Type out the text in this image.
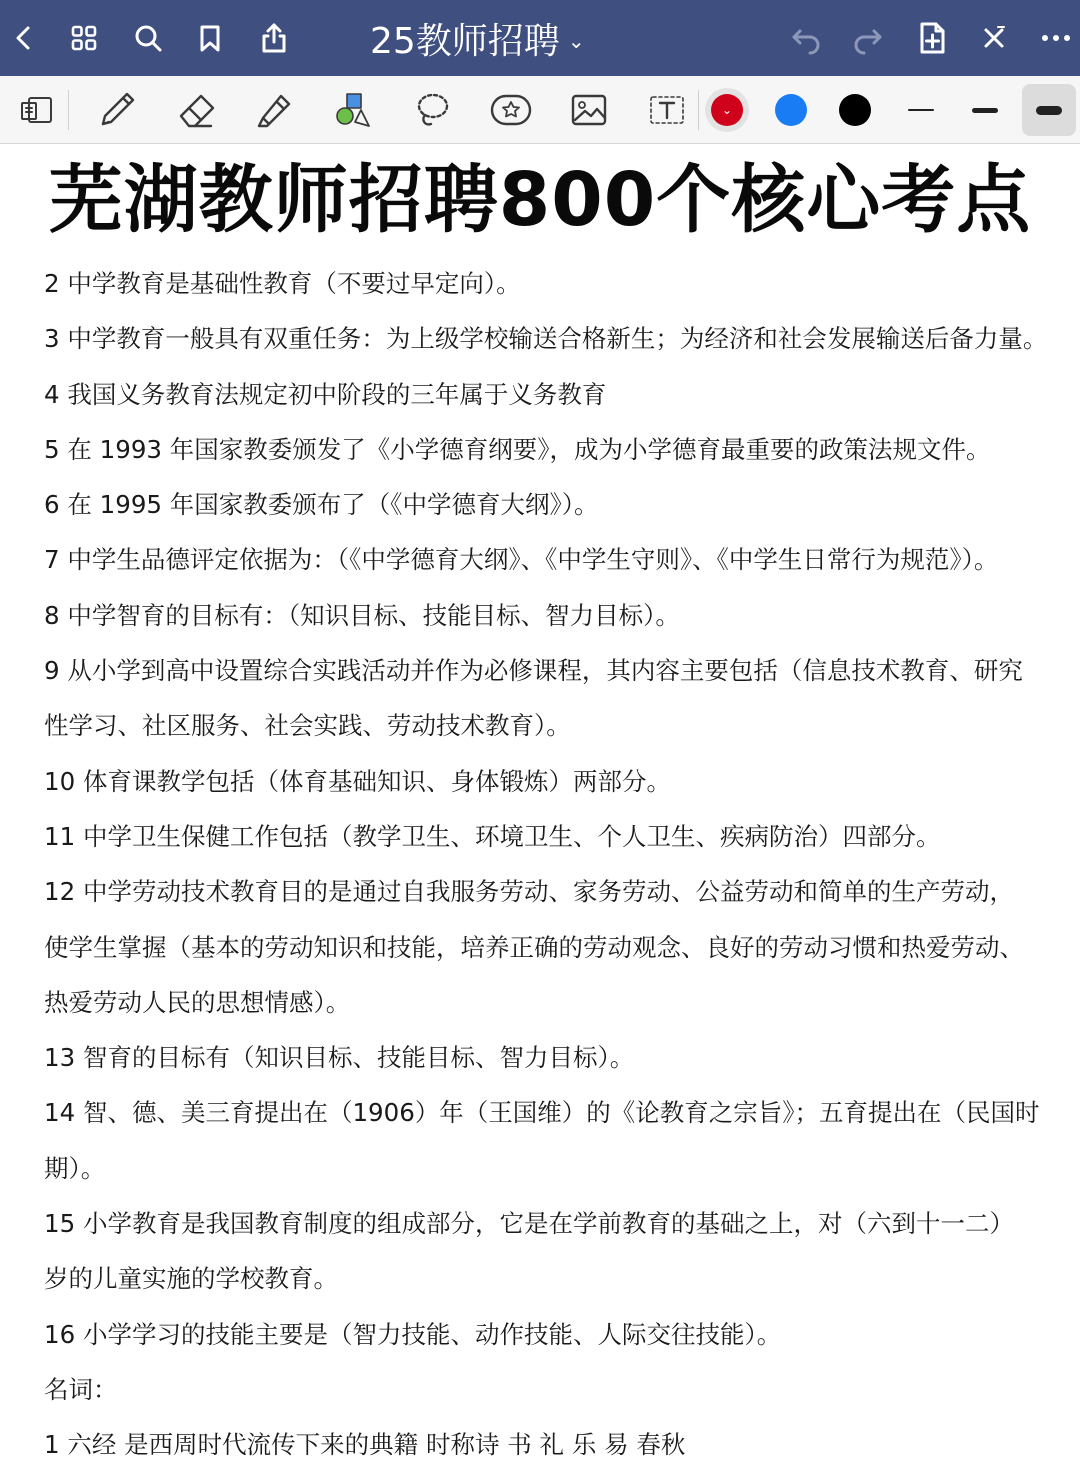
25教师招聘 ⌄
⌄
芜湖教师招聘800个核心考点
2 中学教育是基础性教育（不要过早定向）。
3 中学教育一般具有双重任务：为上级学校输送合格新生；为经济和社会发展输送后备力量。
4 我国义务教育法规定初中阶段的三年属于义务教育
5 在 1993 年国家教委颁发了《小学德育纲要》，成为小学德育最重要的政策法规文件。
6 在 1995 年国家教委颁布了（《中学德育大纲》）。
7 中学生品德评定依据为：（《中学德育大纲》、《中学生守则》、《中学生日常行为规范》）。
8 中学智育的目标有：（知识目标、技能目标、智力目标）。
9 从小学到高中设置综合实践活动并作为必修课程，其内容主要包括（信息技术教育、研究
性学习、社区服务、社会实践、劳动技术教育）。
10 体育课教学包括（体育基础知识、身体锻炼）两部分。
11 中学卫生保健工作包括（教学卫生、环境卫生、个人卫生、疾病防治）四部分。
12 中学劳动技术教育目的是通过自我服务劳动、家务劳动、公益劳动和简单的生产劳动，
使学生掌握（基本的劳动知识和技能，培养正确的劳动观念、良好的劳动习惯和热爱劳动、
热爱劳动人民的思想情感）。
13 智育的目标有（知识目标、技能目标、智力目标）。
14 智、德、美三育提出在（1906）年（王国维）的《论教育之宗旨》；五育提出在（民国时
期）。
15 小学教育是我国教育制度的组成部分，它是在学前教育的基础之上，对（六到十一二）
岁的儿童实施的学校教育。
16 小学学习的技能主要是（智力技能、动作技能、人际交往技能）。
名词：
1 六经 是西周时代流传下来的典籍 时称诗 书 礼 乐 易 春秋
